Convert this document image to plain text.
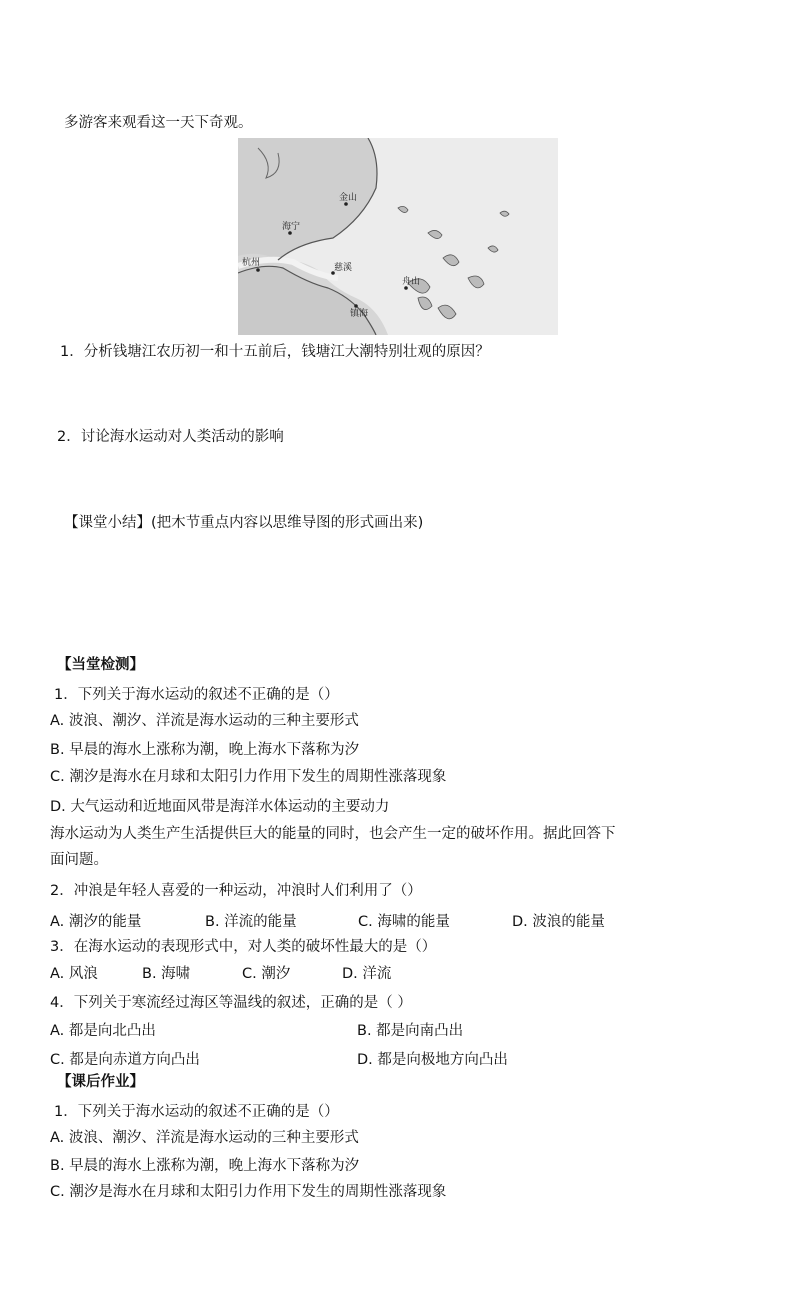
多游客来观看这一天下奇观。
金山
海宁
杭州	慈溪
镇海
舟山
1．分析钱塘江农历初一和十五前后，钱塘江大潮特别壮观的原因？
2．讨论海水运动对人类活动的影响
【课堂小结】(把木节重点内容以思维导图的形式画出来)
【当堂检测】
1．下列关于海水运动的叙述不正确的是（）
A. 波浪、潮汐、洋流是海水运动的三种主要形式
B. 早晨的海水上涨称为潮，晚上海水下落称为汐
C. 潮汐是海水在月球和太阳引力作用下发生的周期性涨落现象
D. 大气运动和近地面风带是海洋水体运动的主要动力
海水运动为人类生产生活提供巨大的能量的同时，也会产生一定的破坏作用。据此回答下
面问题。
2．冲浪是年轻人喜爱的一种运动，冲浪时人们利用了（）
A. 潮汐的能量	B. 洋流的能量	C. 海啸的能量	D. 波浪的能量
3．在海水运动的表现形式中，对人类的破坏性最大的是（）
A. 风浪	B. 海啸	C. 潮汐	D. 洋流
4．下列关于寒流经过海区等温线的叙述，正确的是（ ）
A. 都是向北凸出	B. 都是向南凸出
C. 都是向赤道方向凸出	D. 都是向极地方向凸出
【课后作业】
1．下列关于海水运动的叙述不正确的是（）
A. 波浪、潮汐、洋流是海水运动的三种主要形式
B. 早晨的海水上涨称为潮，晚上海水下落称为汐
C. 潮汐是海水在月球和太阳引力作用下发生的周期性涨落现象
